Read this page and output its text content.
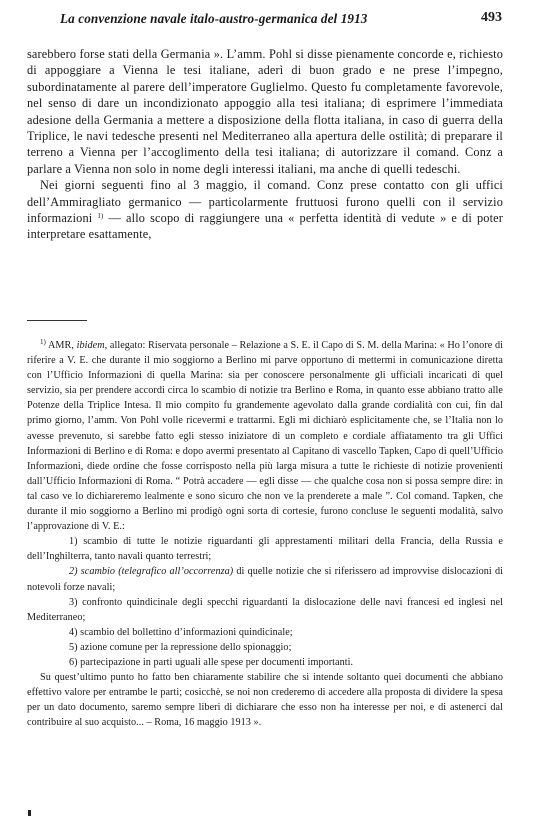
La convenzione navale italo-austro-germanica del 1913	493

sarebbero forse stati della Germania ». L’amm. Pohl si disse pienamente concorde e, richiesto di appoggiare a Vienna le tesi italiane, aderì di buon grado e ne prese l’impegno, subordinatamente al parere dell’imperatore Guglielmo. Questo fu completamente favorevole, nel senso di dare un incondizionato appoggio alla tesi italiana; di esprimere l’immediata adesione della Germania a mettere a disposizione della flotta italiana, in caso di guerra della Triplice, le navi tedesche presenti nel Mediterraneo alla apertura delle ostilità; di preparare il terreno a Vienna per l’accoglimento della tesi italiana; di autorizzare il comand. Conz a parlare a Vienna non solo in nome degli interessi italiani, ma anche di quelli tedeschi.

Nei giorni seguenti fino al 3 maggio, il comand. Conz prese contatto con gli uffici dell’Ammiragliato germanico — particolarmente fruttuosi furono quelli con il servizio informazioni $^{1)}$ — allo scopo di raggiungere una « perfetta identità di vedute » e di poter interpretare esattamente,

$^{1)}$ AMR, ibidem, allegato: Riservata personale – Relazione a S. E. il Capo di S. M. della Marina: « Ho l’onore di riferire a V. E. che durante il mio soggiorno a Berlino mi parve opportuno di mettermi in comunicazione diretta con l’Ufficio Informazioni di quella Marina: sia per conoscere personalmente gli ufficiali incaricati di quel servizio, sia per prendere accordi circa lo scambio di notizie tra Berlino e Roma, in quanto esse abbiano tratto alle Potenze della Triplice Intesa. Il mio compito fu grandemente agevolato dalla grande cordialità con cui, fin dal primo giorno, l’amm. Von Pohl volle ricevermi e trattarmi. Egli mi dichiarò esplicitamente che, se l’Italia non lo avesse prevenuto, si sarebbe fatto egli stesso iniziatore di un completo e cordiale affiatamento tra gli Uffici Informazioni di Berlino e di Roma: e dopo avermi presentato al Capitano di vascello Tapken, Capo di quell’Ufficio Informazioni, diede ordine che fosse corrisposto nella più larga misura a tutte le richieste di notizie provenienti dall’Ufficio Informazioni di Roma. “ Potrà accadere — egli disse — che qualche cosa non si possa sempre dire: in tal caso ve lo dichiareremo lealmente e sono sicuro che non ve la prenderete a male ”. Col comand. Tapken, che durante il mio soggiorno a Berlino mi prodigò ogni sorta di cortesie, furono concluse le seguenti modalità, salvo l’approvazione di V. E.:

1) scambio di tutte le notizie riguardanti gli apprestamenti militari della Francia, della Russia e dell’Inghilterra, tanto navali quanto terrestri;

2) scambio (telegrafico all’occorrenza) di quelle notizie che si riferissero ad improvvise dislocazioni di notevoli forze navali;

3) confronto quindicinale degli specchi riguardanti la dislocazione delle navi francesi ed inglesi nel Mediterraneo;

4) scambio del bollettino d’informazioni quindicinale;

5) azione comune per la repressione dello spionaggio;

6) partecipazione in parti uguali alle spese per documenti importanti.

Su quest’ultimo punto ho fatto ben chiaramente stabilire che si intende soltanto quei documenti che abbiano effettivo valore per entrambe le parti; cosicchè, se noi non crederemo di accedere alla proposta di dividere la spesa per un dato documento, saremo sempre liberi di dichiarare che esso non ha interesse per noi, e di astenerci dal contribuire al suo acquisto... – Roma, 16 maggio 1913 ».
